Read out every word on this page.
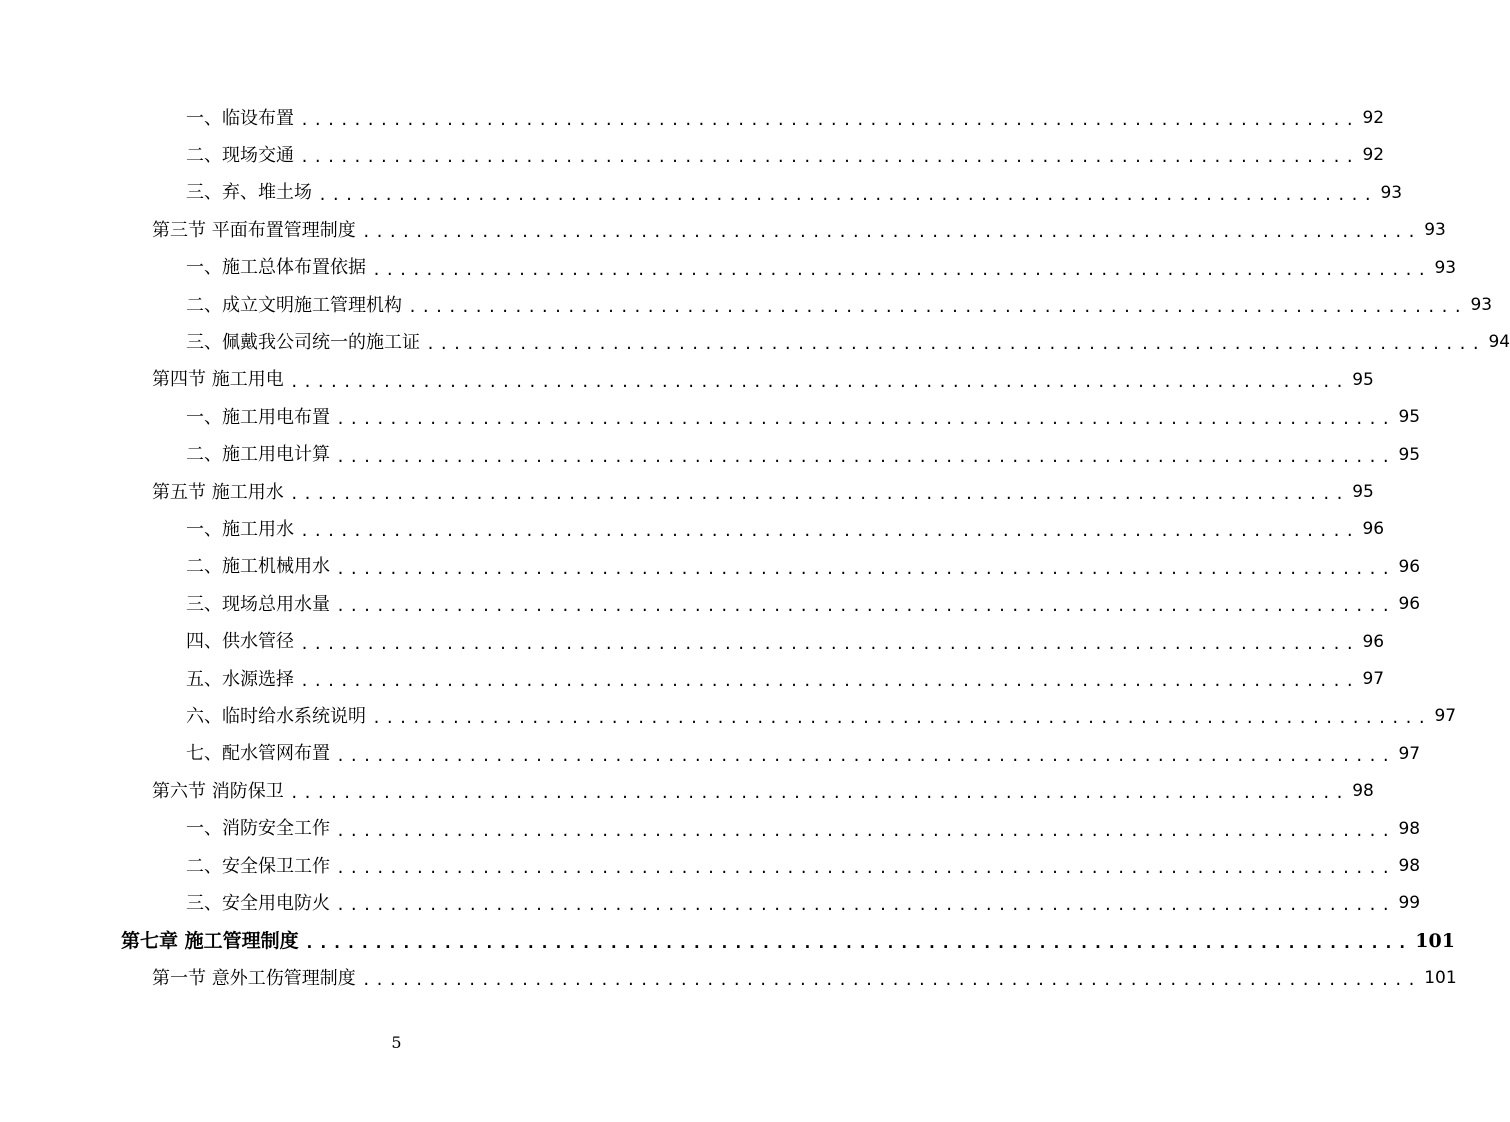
一、临设布置 ................................................................................ 92
二、现场交通 ................................................................................ 92
三、弃、堆土场 ................................................................................ 93
第三节 平面布置管理制度 ................................................................................ 93
一、施工总体布置依据 ................................................................................ 93
二、成立文明施工管理机构 ................................................................................ 93
三、佩戴我公司统一的施工证 ................................................................................ 94
第四节 施工用电 ................................................................................ 95
一、施工用电布置 ................................................................................ 95
二、施工用电计算 ................................................................................ 95
第五节 施工用水 ................................................................................ 95
一、施工用水 ................................................................................ 96
二、施工机械用水 ................................................................................ 96
三、现场总用水量 ................................................................................ 96
四、供水管径 ................................................................................ 96
五、水源选择 ................................................................................ 97
六、临时给水系统说明 ................................................................................ 97
七、配水管网布置 ................................................................................ 97
第六节 消防保卫 ................................................................................ 98
一、消防安全工作 ................................................................................ 98
二、安全保卫工作 ................................................................................ 98
三、安全用电防火 ................................................................................ 99
第七章 施工管理制度 ................................................................................ 101
第一节 意外工伤管理制度 ................................................................................ 101
5
